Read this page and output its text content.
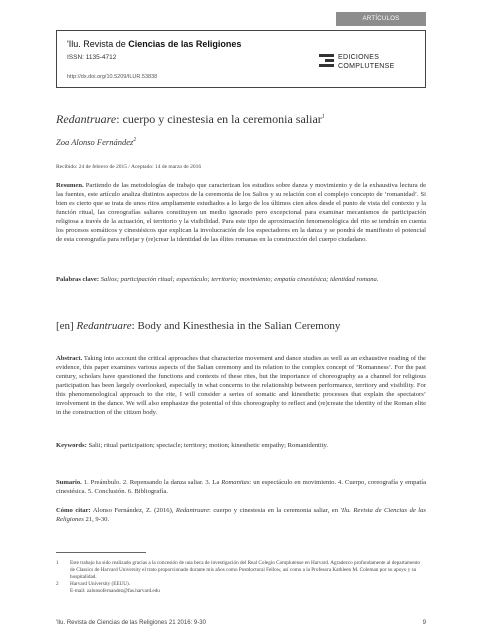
ARTÍCULOS
'Ilu. Revista de Ciencias de las Religiones
ISSN: 1135-4712
http://dx.doi.org/10.5209/ILUR.53838
EDICIONES
COMPLUTENSE
Redantruare: cuerpo y cinestesia en la ceremonia saliar$^1$
Zoa Alonso Fernández$^2$
Recibido: 24 de febrero de 2015 / Aceptado: 14 de marzo de 2016
Resumen. Partiendo de las metodologías de trabajo que caracterizan los estudios sobre danza y movimiento y de la exhaustiva lectura de las fuentes, este artículo analiza distintos aspectos de la ceremonia de los Salios y su relación con el complejo concepto de ‘romanidad’. Si bien es cierto que se trata de unos ritos ampliamente estudiados a lo largo de los últimos cien años desde el punto de vista del contexto y la función ritual, las coreografías saliares constituyen un medio ignorado pero excepcional para examinar mecanismos de participación religiosa a través de la actuación, el territorio y la visibilidad. Para este tipo de aproximación fenomenológica del rito se tendrán en cuenta los procesos somáticos y cinestésicos que explican la involucración de los espectadores en la danza y se pondrá de manifiesto el potencial de esta coreografía para reflejar y (re)crear la identidad de las élites romanas en la construcción del cuerpo ciudadano.
Palabras clave: Salios; participación ritual; espectáculo; territorio; movimiento; empatía cinestésica; identidad romana.
[en] Redantruare: Body and Kinesthesia in the Salian Ceremony
Abstract. Taking into account the critical approaches that characterize movement and dance studies as well as an exhaustive reading of the evidence, this paper examines various aspects of the Salian ceremony and its relation to the complex concept of ‘Romanness’. For the past century, scholars have questioned the functions and contexts of these rites, but the importance of choreography as a channel for religious participation has been largely overlooked, especially in what concerns to the relationship between performance, territory and visibility. For this phenomenological approach to the rite, I will consider a series of somatic and kinesthetic processes that explain the spectators’ involvement in the dance. We will also emphasize the potential of this choreography to reflect and (re)create the identity of the Roman elite in the construction of the citizen body.
Keywords: Salii; ritual participation; spectacle; territory; motion; kinesthetic empathy; Romanidentity.
Sumario. 1. Preámbulo. 2. Repensando la danza saliar. 3. La Romanitas: un espectáculo en movimiento. 4. Cuerpo, coreografía y empatía cinestésica. 5. Conclusión. 6. Bibliografía.
Cómo citar: Alonso Fernández, Z. (2016), Redantruare: cuerpo y cinestesia en la ceremonia saliar, en 'Ilu. Revista de Ciencias de las Religiones 21, 9-30.
1 Este trabajo ha sido realizado gracias a la concesión de una beca de investigación del Real Colegio Complutense en Harvard. Agradezco profundamente al departamento de Classics de Harvard University el trato proporcionado durante mis años como Postdoctoral Fellow, así como a la Profesora Kathleen M. Coleman por su apoyo y su hospitalidad.
2 Harvard University (EEUU).
E-mail: zalonsofernandez@fas.harvard.edu
'Ilu. Revista de Ciencias de las Religiones 21 2016: 9-30	9
